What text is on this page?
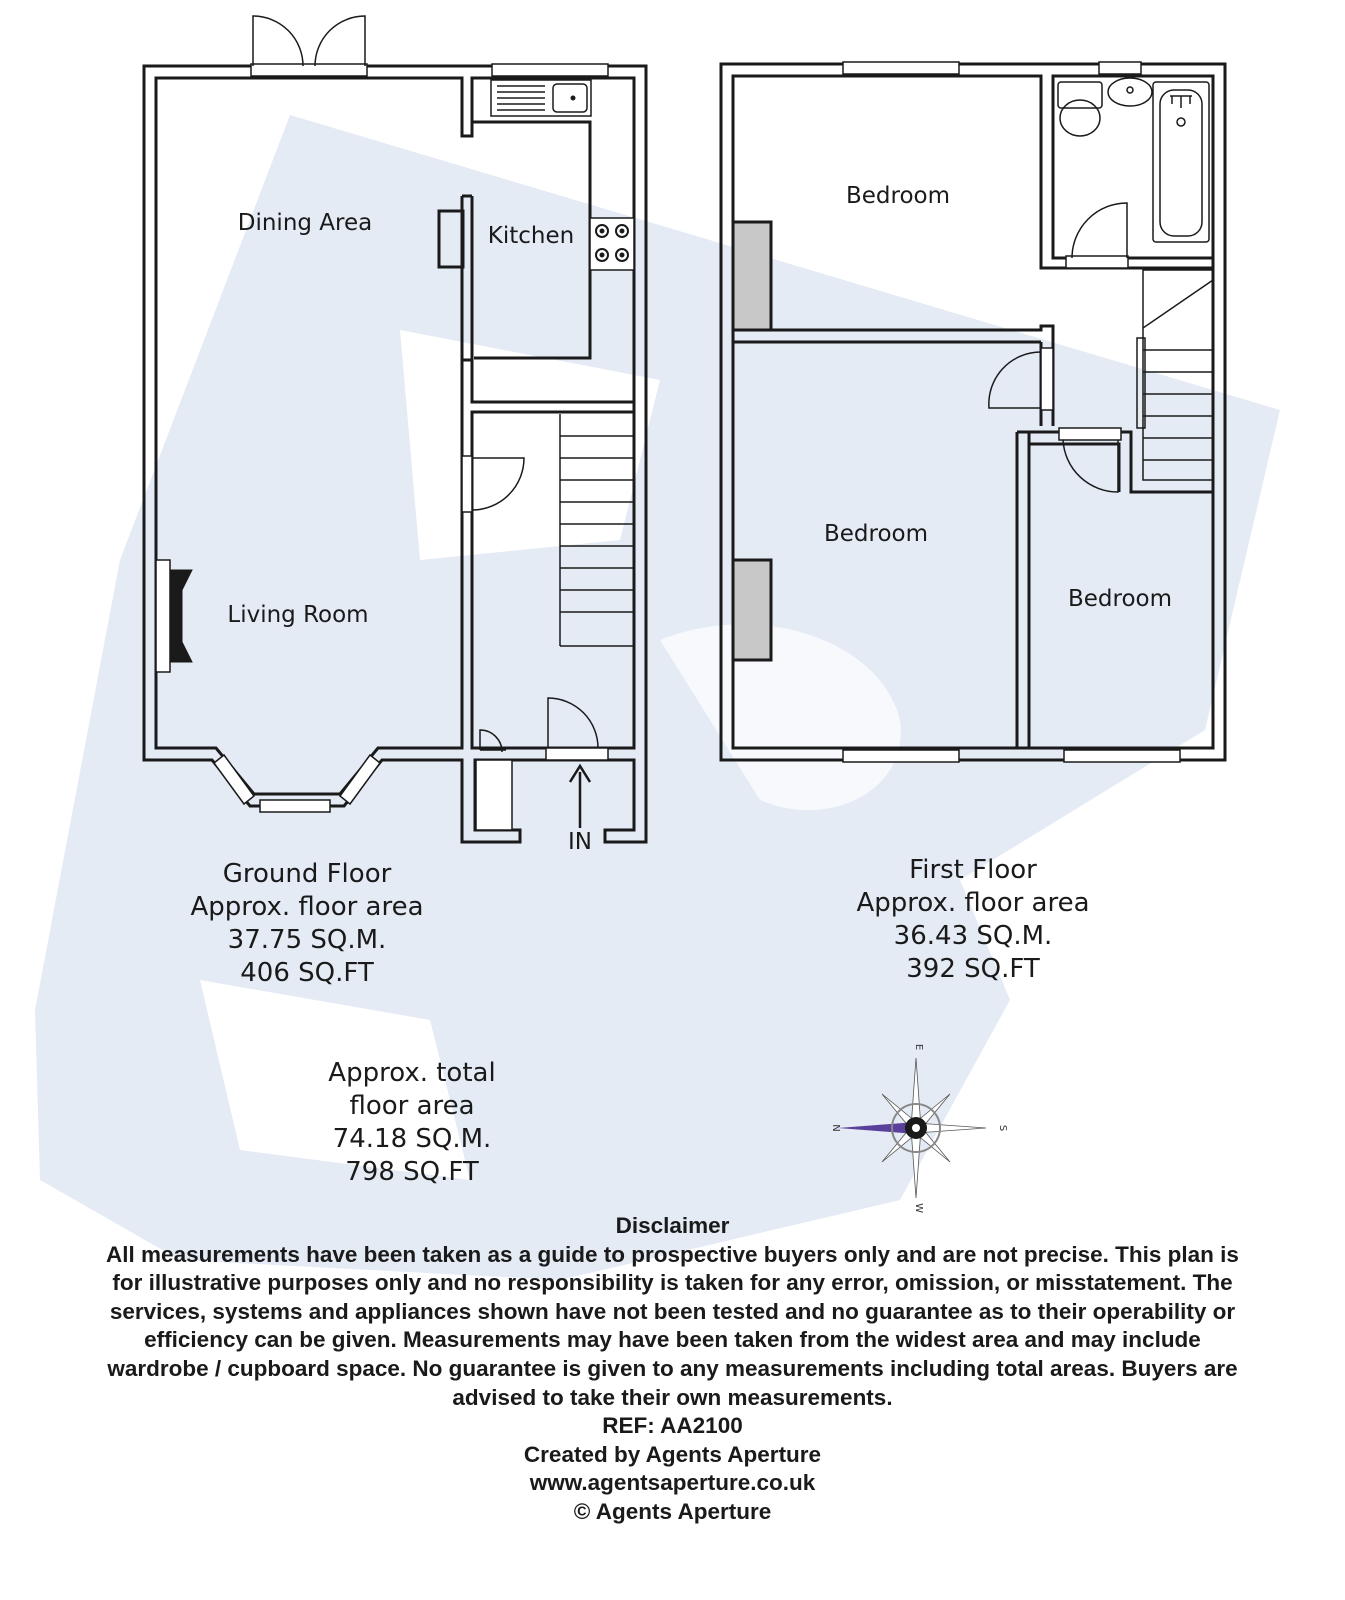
Dining Area	Kitchen
Living Room
IN
Bedroom
Bedroom
Bedroom
Ground Floor
Approx. floor area
37.75 SQ.M.
406 SQ.FT
First Floor
Approx. floor area
36.43 SQ.M.
392 SQ.FT
Approx. total
floor area
74.18 SQ.M.
798 SQ.FT
N
E
S
W
Disclaimer
All measurements have been taken as a guide to prospective buyers only and are not precise. This plan is
for illustrative purposes only and no responsibility is taken for any error, omission, or misstatement. The
services, systems and appliances shown have not been tested and no guarantee as to their operability or
efficiency can be given. Measurements may have been taken from the widest area and may include
wardrobe / cupboard space. No guarantee is given to any measurements including total areas. Buyers are
advised to take their own measurements.
REF: AA2100
Created by Agents Aperture
www.agentsaperture.co.uk
© Agents Aperture
